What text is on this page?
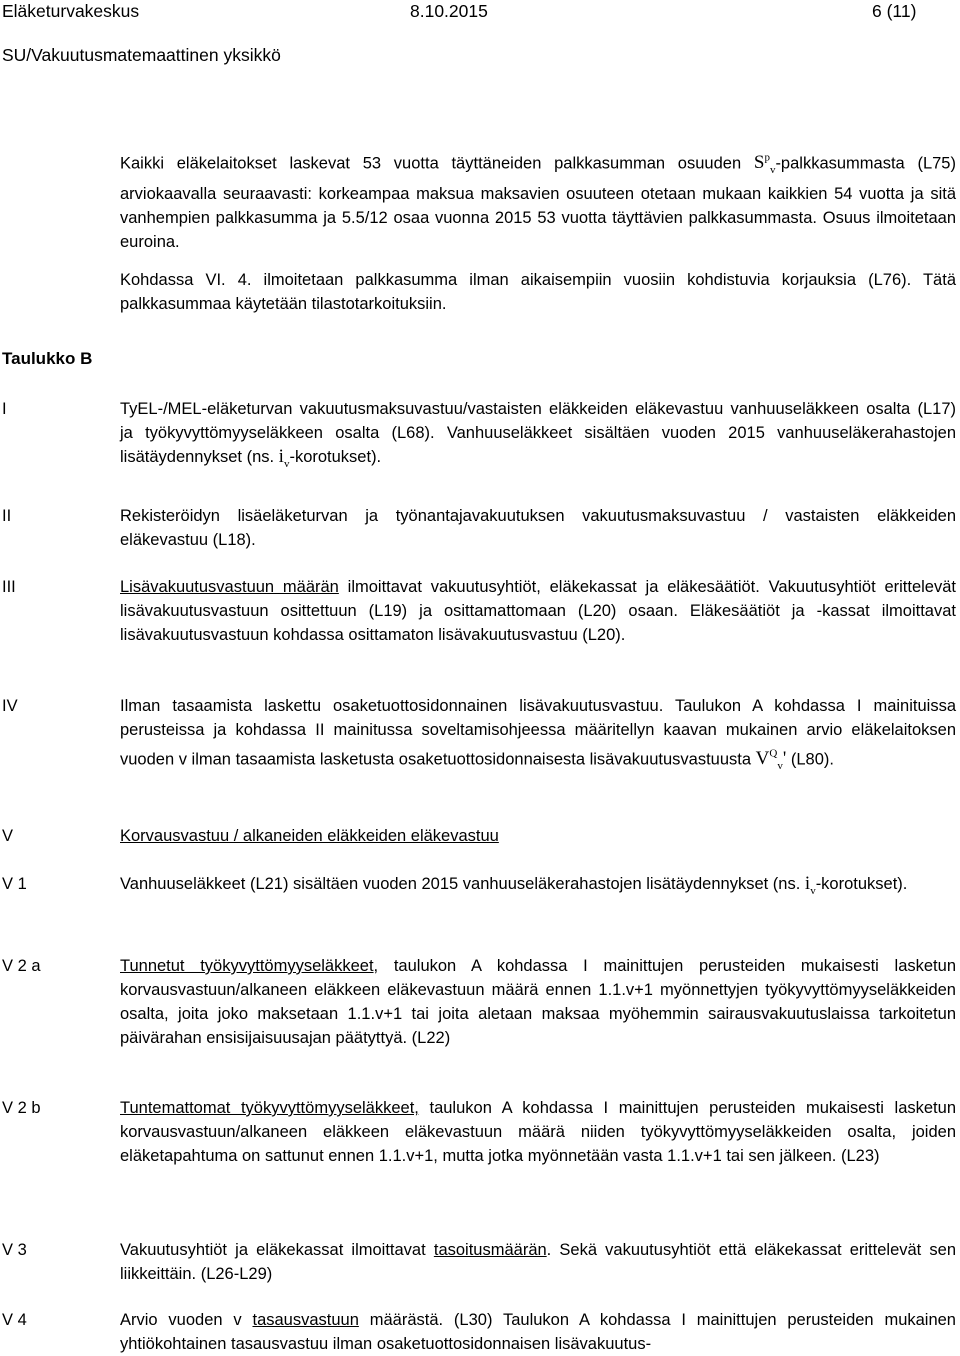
Eläketurvakeskus	8.10.2015	6 (11)
SU/Vakuutusmatemaattinen yksikkö

Kaikki eläkelaitokset laskevat 53 vuotta täyttäneiden palkkasumman osuuden $S^p_v$-palkkasummasta (L75) arviokaavalla seuraavasti: korkeampaa maksua maksavien osuuteen otetaan mukaan kaikkien 54 vuotta ja sitä vanhempien palkkasumma ja 5.5/12 osaa vuonna 2015 53 vuotta täyttävien palkkasummasta. Osuus ilmoitetaan euroina.

Kohdassa VI. 4. ilmoitetaan palkkasumma ilman aikaisempiin vuosiin kohdistuvia korjauksia (L76). Tätä palkkasummaa käytetään tilastotarkoituksiin.

Taulukko B
I	TyEL-/MEL-eläketurvan vakuutusmaksuvastuu/vastaisten eläkkeiden eläkevastuu vanhuuseläkkeen osalta (L17) ja työkyvyttömyyseläkkeen osalta (L68). Vanhuuseläkkeet sisältäen vuoden 2015 vanhuuseläkerahastojen lisätäydennykset (ns. $i_v-korotukset$).

II	Rekisteröidyn lisäeläketurvan ja työnantajavakuutuksen vakuutusmaksuvastuu / vastaisten eläkkeiden eläkevastuu (L18).

III	Lisävakuutusvastuun määrän ilmoittavat vakuutusyhtiöt, eläkekassat ja eläkesäätiöt. Vakuutusyhtiöt erittelevät lisävakuutusvastuun osittettuun (L19) ja osittamattomaan (L20) osaan. Eläkesäätiöt ja -kassat ilmoittavat lisävakuutusvastuun kohdassa osittamaton lisävakuutusvastuu (L20).

IV	Ilman tasaamista laskettu osaketuottosidonnainen lisävakuutusvastuu. Taulukon A kohdassa I mainituissa perusteissa ja kohdassa II mainitussa soveltamisohjeessa määritellyn kaavan mukainen arvio eläkelaitoksen vuoden v ilman tasaamista lasketusta osaketuottosidonnaisesta lisävakuutusvastuusta $V^Q_v'$ (L80).

V	Korvausvastuu / alkaneiden eläkkeiden eläkevastuu

V 1	Vanhuuseläkkeet (L21) sisältäen vuoden 2015 vanhuuseläkerahastojen lisätäydennykset (ns. $i_v-korotukset$).

V 2 a	Tunnetut työkyvyttömyyseläkkeet, taulukon A kohdassa I mainittujen perusteiden mukaisesti lasketun korvausvastuun/alkaneen eläkkeen eläkevastuun määrä ennen 1.1.v+1 myönnettyjen työkyvyttömyyseläkkeiden osalta, joita joko maksetaan 1.1.v+1 tai joita aletaan maksaa myöhemmin sairausvakuutuslaissa tarkoitetun päivärahan ensisijaisuusajan päätyttyä. (L22)

V 2 b	Tuntemattomat työkyvyttömyyseläkkeet, taulukon A kohdassa I mainittujen perusteiden mukaisesti lasketun korvausvastuun/alkaneen eläkkeen eläkevastuun määrä niiden työkyvyttömyyseläkkeiden osalta, joiden eläketapahtuma on sattunut ennen 1.1.v+1, mutta jotka myönnetään vasta 1.1.v+1 tai sen jälkeen. (L23)

V 3	Vakuutusyhtiöt ja eläkekassat ilmoittavat tasoitusmäärän. Sekä vakuutusyhtiöt että eläkekassat erittelevät sen liikkeittäin. (L26-L29)

V 4	Arvio vuoden v tasausvastuun määrästä. (L30) Taulukon A kohdassa I mainittujen perusteiden mukainen yhtiökohtainen tasausvastuu ilman osaketuottosidonnaisen lisävakuutus-
